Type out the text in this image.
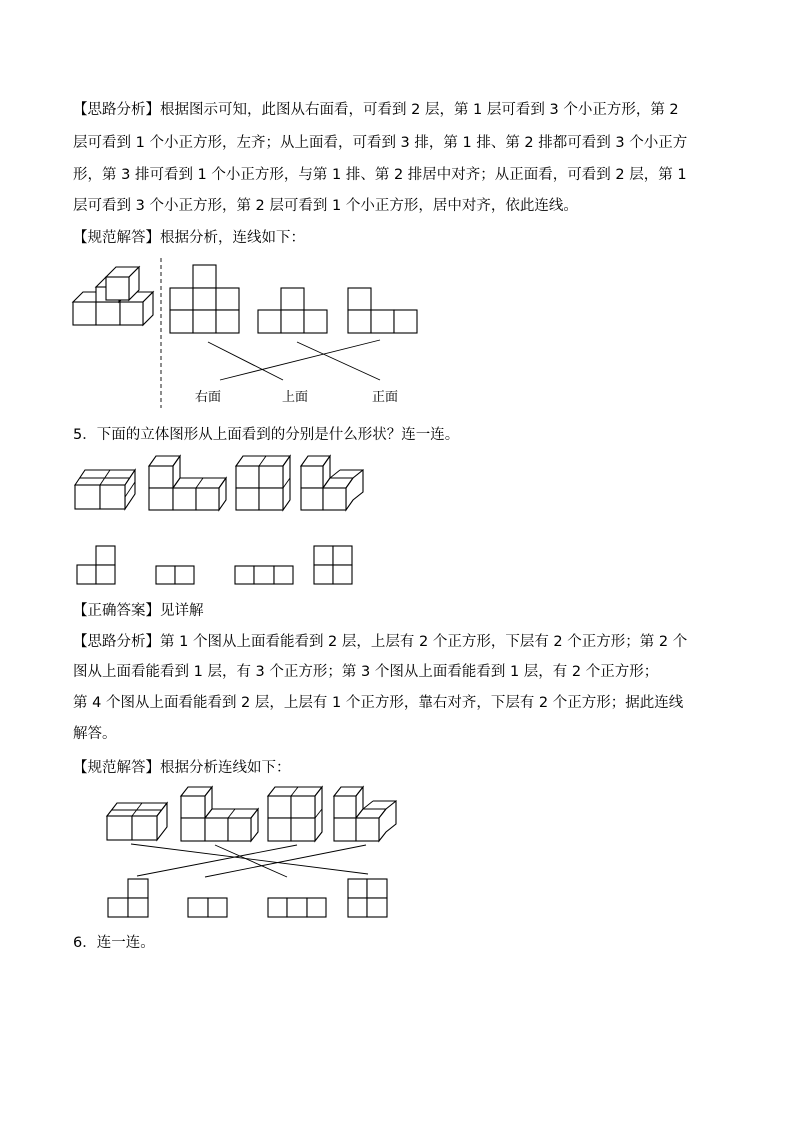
【思路分析】根据图示可知，此图从右面看，可看到 2 层，第 1 层可看到 3 个小正方形，第 2
层可看到 1 个小正方形，左齐；从上面看，可看到 3 排，第 1 排、第 2 排都可看到 3 个小正方
形，第 3 排可看到 1 个小正方形，与第 1 排、第 2 排居中对齐；从正面看，可看到 2 层，第 1
层可看到 3 个小正方形，第 2 层可看到 1 个小正方形，居中对齐，依此连线。
【规范解答】根据分析，连线如下：
右面	上面	正面
5．下面的立体图形从上面看到的分别是什么形状？连一连。
【正确答案】见详解
【思路分析】第 1 个图从上面看能看到 2 层，上层有 2 个正方形，下层有 2 个正方形；第 2 个
图从上面看能看到 1 层，有 3 个正方形；第 3 个图从上面看能看到 1 层，有 2 个正方形；
第 4 个图从上面看能看到 2 层，上层有 1 个正方形，靠右对齐，下层有 2 个正方形；据此连线
解答。
【规范解答】根据分析连线如下：
6．连一连。
